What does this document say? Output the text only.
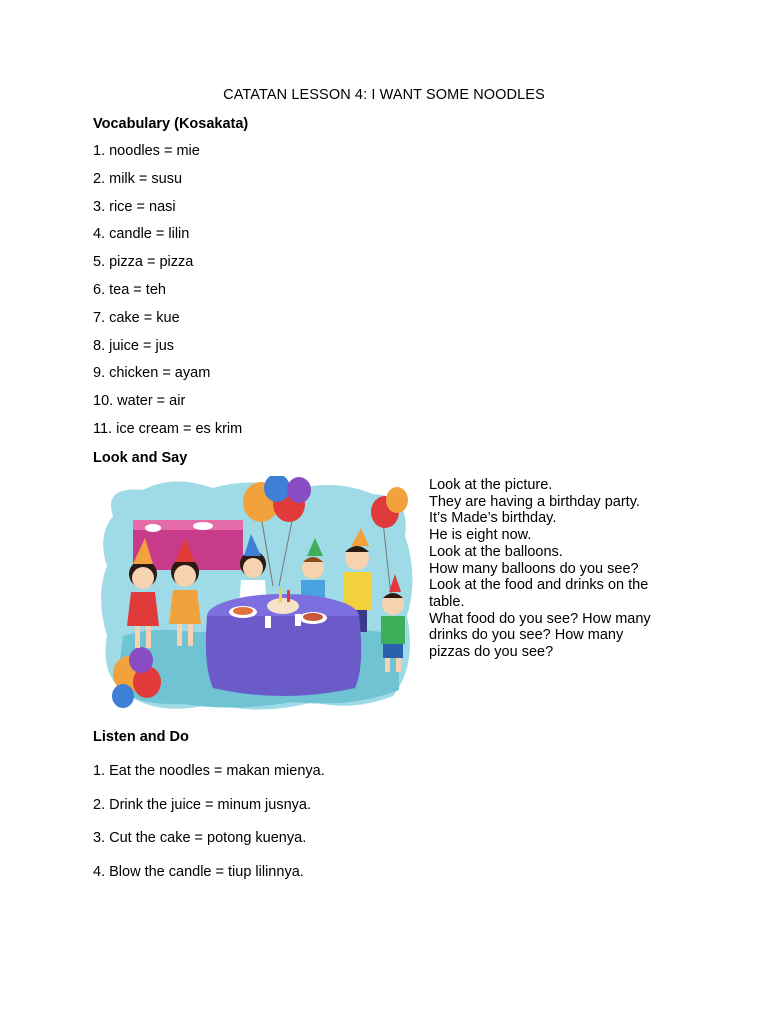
CATATAN LESSON 4: I WANT SOME NOODLES
Vocabulary (Kosakata)
1. noodles = mie
2. milk = susu
3. rice = nasi
4. candle = lilin
5. pizza = pizza
6. tea = teh
7. cake = kue
8. juice = jus
9. chicken = ayam
10. water = air
11. ice cream = es krim
Look and Say
Look at the picture.
They are having a birthday party.
It’s Made’s birthday.
He is eight now.
Look at the balloons.
How many balloons do you see?
Look at the food and drinks on the
table.
What food do you see? How many
drinks do you see? How many
pizzas do you see?
Listen and Do
1. Eat the noodles = makan mienya.
2. Drink the juice = minum jusnya.
3. Cut the cake = potong kuenya.
4. Blow the candle = tiup lilinnya.
